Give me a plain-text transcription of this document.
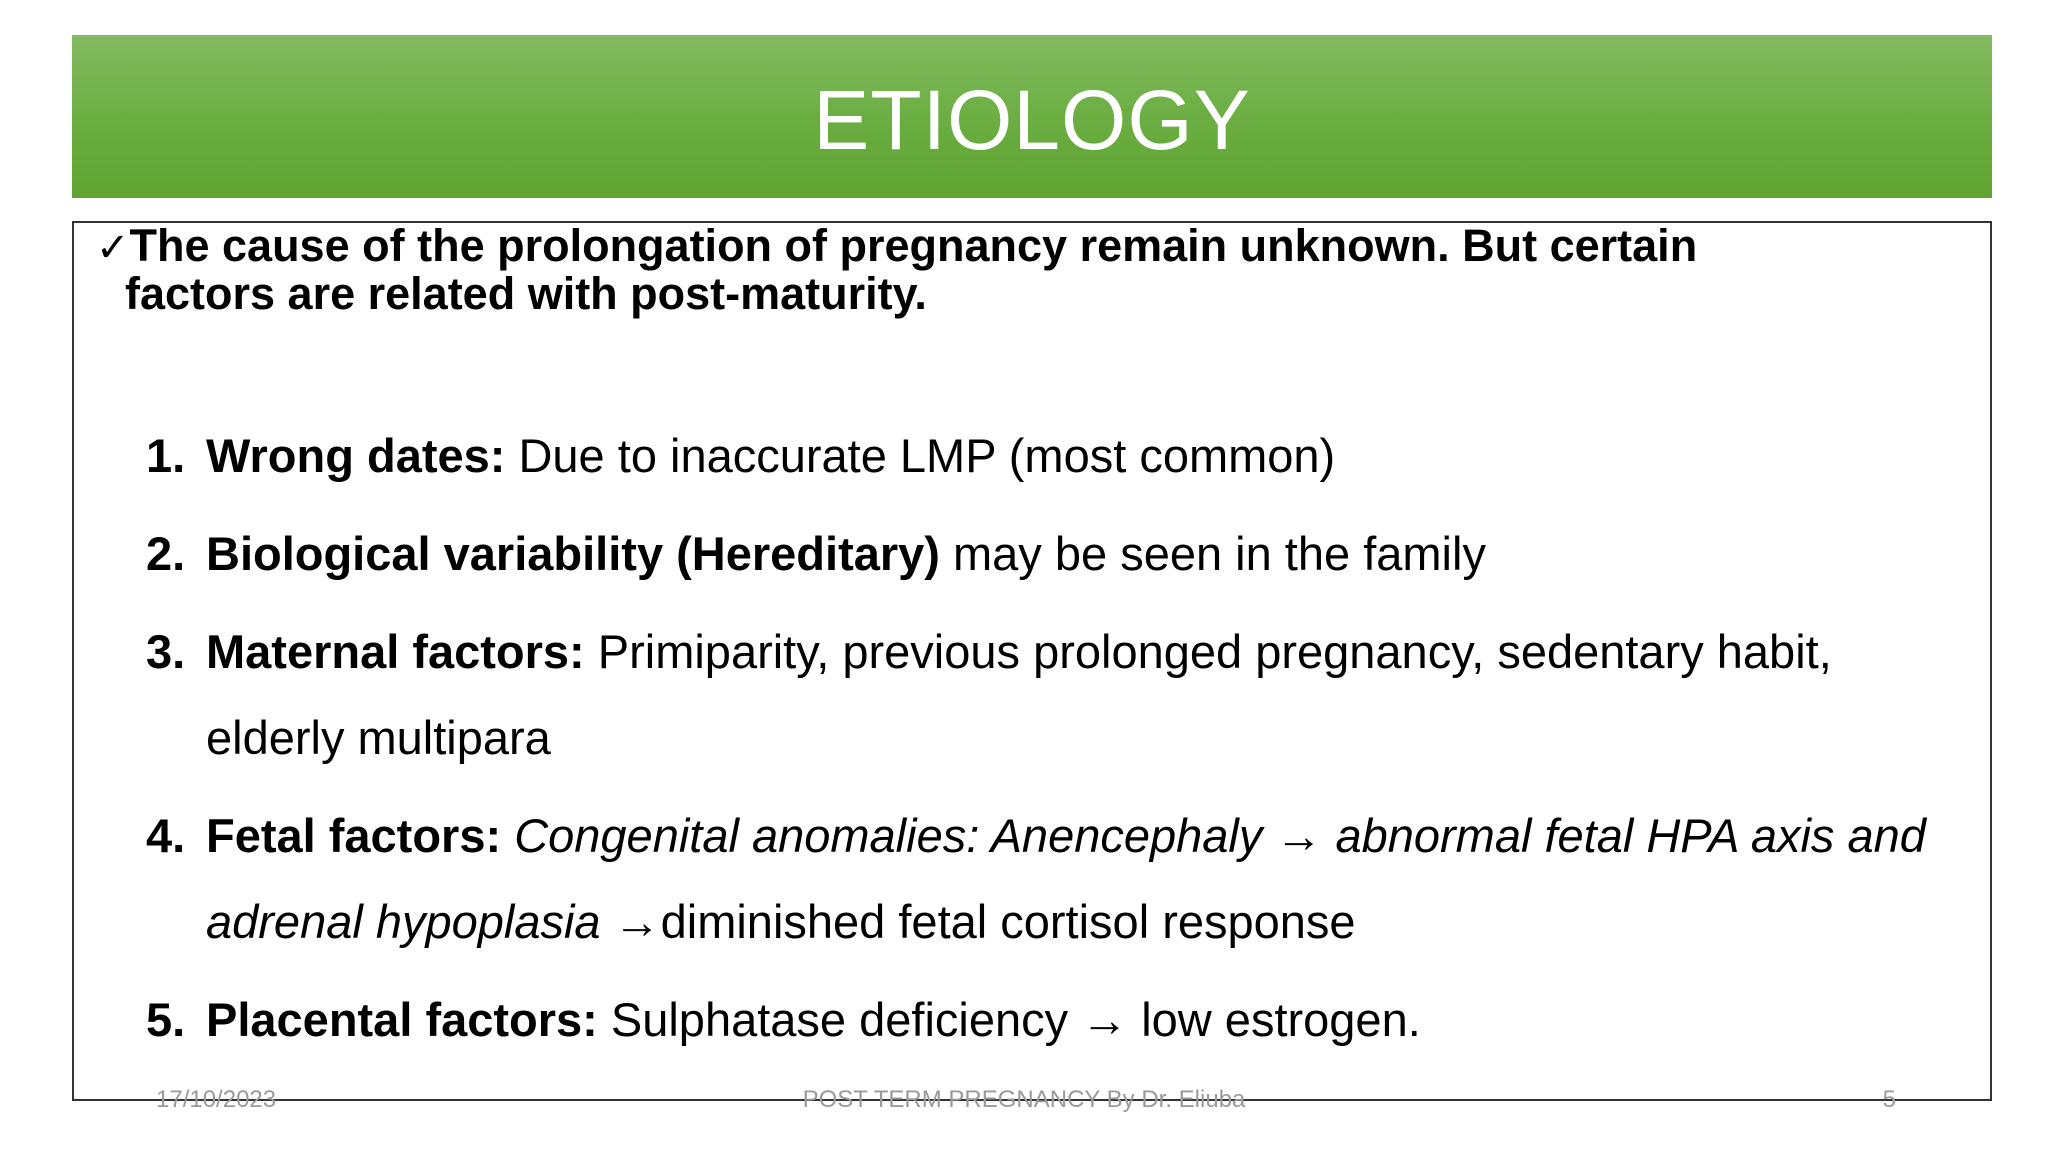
ETIOLOGY
✓The cause of the prolongation of pregnancy remain unknown. But certain
factors are related with post-maturity.
1. Wrong dates: Due to inaccurate LMP (most common)
2. Biological variability (Hereditary) may be seen in the family
3. Maternal factors: Primiparity, previous prolonged pregnancy, sedentary habit, elderly multipara
4. Fetal factors: Congenital anomalies: Anencephaly → abnormal fetal HPA axis and adrenal hypoplasia →diminished fetal cortisol response
5. Placental factors: Sulphatase deficiency → low estrogen.
17/10/2023	POST TERM PREGNANCY By Dr. Eliuba	5
